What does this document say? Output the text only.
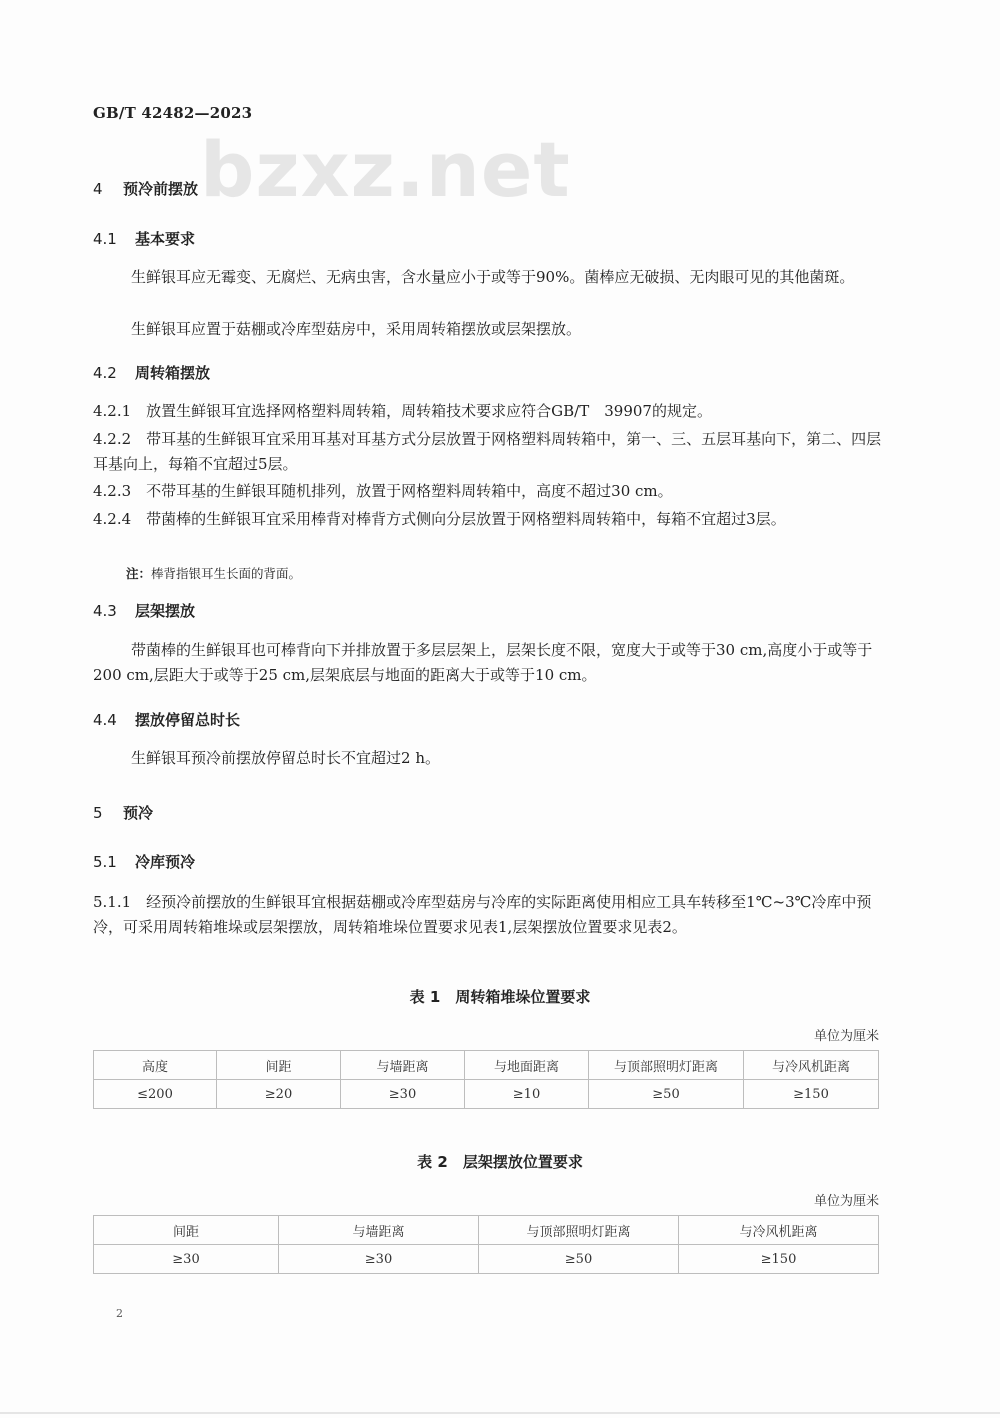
GB/T 42482—2023
bzxz.net
4 预冷前摆放
4.1 基本要求
生鲜银耳应无霉变、无腐烂、无病虫害，含水量应小于或等于90%。菌棒应无破损、无肉眼可见的其他菌斑。
生鲜银耳应置于菇棚或冷库型菇房中，采用周转箱摆放或层架摆放。
4.2 周转箱摆放
4.2.1　放置生鲜银耳宜选择网格塑料周转箱，周转箱技术要求应符合GB/T　39907的规定。
4.2.2　带耳基的生鲜银耳宜采用耳基对耳基方式分层放置于网格塑料周转箱中，第一、三、五层耳基向下，第二、四层耳基向上，每箱不宜超过5层。
4.2.3　不带耳基的生鲜银耳随机排列，放置于网格塑料周转箱中，高度不超过30 cm。
4.2.4　带菌棒的生鲜银耳宜采用棒背对棒背方式侧向分层放置于网格塑料周转箱中，每箱不宜超过3层。
注：棒背指银耳生长面的背面。
4.3 层架摆放
带菌棒的生鲜银耳也可棒背向下并排放置于多层层架上，层架长度不限，宽度大于或等于30 cm,高度小于或等于200 cm,层距大于或等于25 cm,层架底层与地面的距离大于或等于10 cm。
4.4 摆放停留总时长
生鲜银耳预冷前摆放停留总时长不宜超过2 h。
5 预冷
5.1 冷库预冷
5.1.1　经预冷前摆放的生鲜银耳宜根据菇棚或冷库型菇房与冷库的实际距离使用相应工具车转移至1℃~3℃冷库中预冷，可采用周转箱堆垛或层架摆放，周转箱堆垛位置要求见表1,层架摆放位置要求见表2。
表 1　周转箱堆垛位置要求
单位为厘米
高度	间距	与墙距离	与地面距离	与顶部照明灯距离	与冷风机距离
≤200	≥20	≥30	≥10	≥50	≥150
表 2　层架摆放位置要求
单位为厘米
间距	与墙距离	与顶部照明灯距离	与冷风机距离
≥30	≥30	≥50	≥150
2
